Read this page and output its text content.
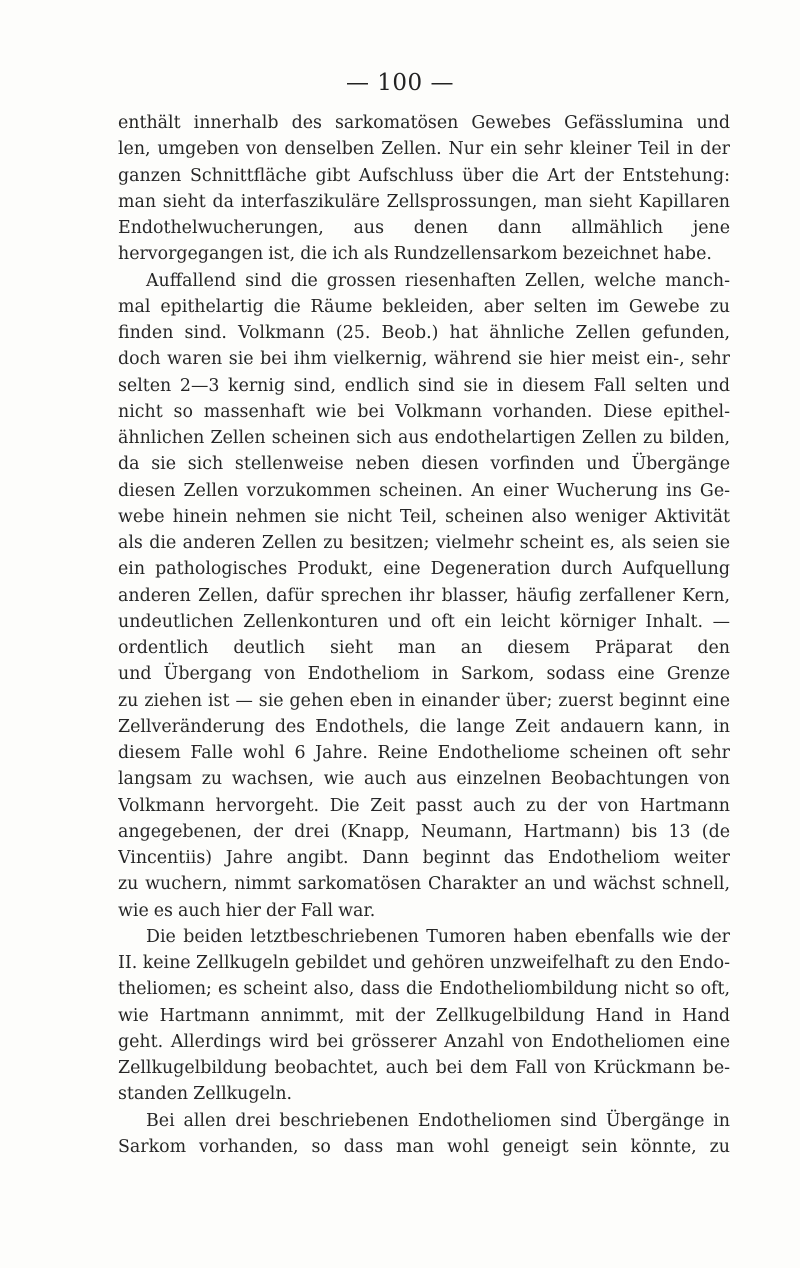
— 100 —
enthält innerhalb des sarkomatösen Gewebes Gefässlumina und
len, umgeben von denselben Zellen. Nur ein sehr kleiner Teil in der
ganzen Schnittfläche gibt Aufschluss über die Art der Entstehung:
man sieht da interfaszikuläre Zellsprossungen, man sieht Kapillaren
Endothelwucherungen, aus denen dann allmählich jene
hervorgegangen ist, die ich als Rundzellensarkom bezeichnet habe.
Auffallend sind die grossen riesenhaften Zellen, welche manch-
mal epithelartig die Räume bekleiden, aber selten im Gewebe zu
finden sind. Volkmann (25. Beob.) hat ähnliche Zellen gefunden,
doch waren sie bei ihm vielkernig, während sie hier meist ein-, sehr
selten 2—3 kernig sind, endlich sind sie in diesem Fall selten und
nicht so massenhaft wie bei Volkmann vorhanden. Diese epithel-
ähnlichen Zellen scheinen sich aus endothelartigen Zellen zu bilden,
da sie sich stellenweise neben diesen vorfinden und Übergänge
diesen Zellen vorzukommen scheinen. An einer Wucherung ins Ge-
webe hinein nehmen sie nicht Teil, scheinen also weniger Aktivität
als die anderen Zellen zu besitzen; vielmehr scheint es, als seien sie
ein pathologisches Produkt, eine Degeneration durch Aufquellung
anderen Zellen, dafür sprechen ihr blasser, häufig zerfallener Kern,
undeutlichen Zellenkonturen und oft ein leicht körniger Inhalt. —
ordentlich deutlich sieht man an diesem Präparat den
und Übergang von Endotheliom in Sarkom, sodass eine Grenze
zu ziehen ist — sie gehen eben in einander über; zuerst beginnt eine
Zellveränderung des Endothels, die lange Zeit andauern kann, in
diesem Falle wohl 6 Jahre. Reine Endotheliome scheinen oft sehr
langsam zu wachsen, wie auch aus einzelnen Beobachtungen von
Volkmann hervorgeht. Die Zeit passt auch zu der von Hartmann
angegebenen, der drei (Knapp, Neumann, Hartmann) bis 13 (de
Vincentiis) Jahre angibt. Dann beginnt das Endotheliom weiter
zu wuchern, nimmt sarkomatösen Charakter an und wächst schnell,
wie es auch hier der Fall war.
Die beiden letztbeschriebenen Tumoren haben ebenfalls wie der
II. keine Zellkugeln gebildet und gehören unzweifelhaft zu den Endo-
theliomen; es scheint also, dass die Endotheliombildung nicht so oft,
wie Hartmann annimmt, mit der Zellkugelbildung Hand in Hand
geht. Allerdings wird bei grösserer Anzahl von Endotheliomen eine
Zellkugelbildung beobachtet, auch bei dem Fall von Krückmann be-
standen Zellkugeln.
Bei allen drei beschriebenen Endotheliomen sind Übergänge in
Sarkom vorhanden, so dass man wohl geneigt sein könnte, zu
